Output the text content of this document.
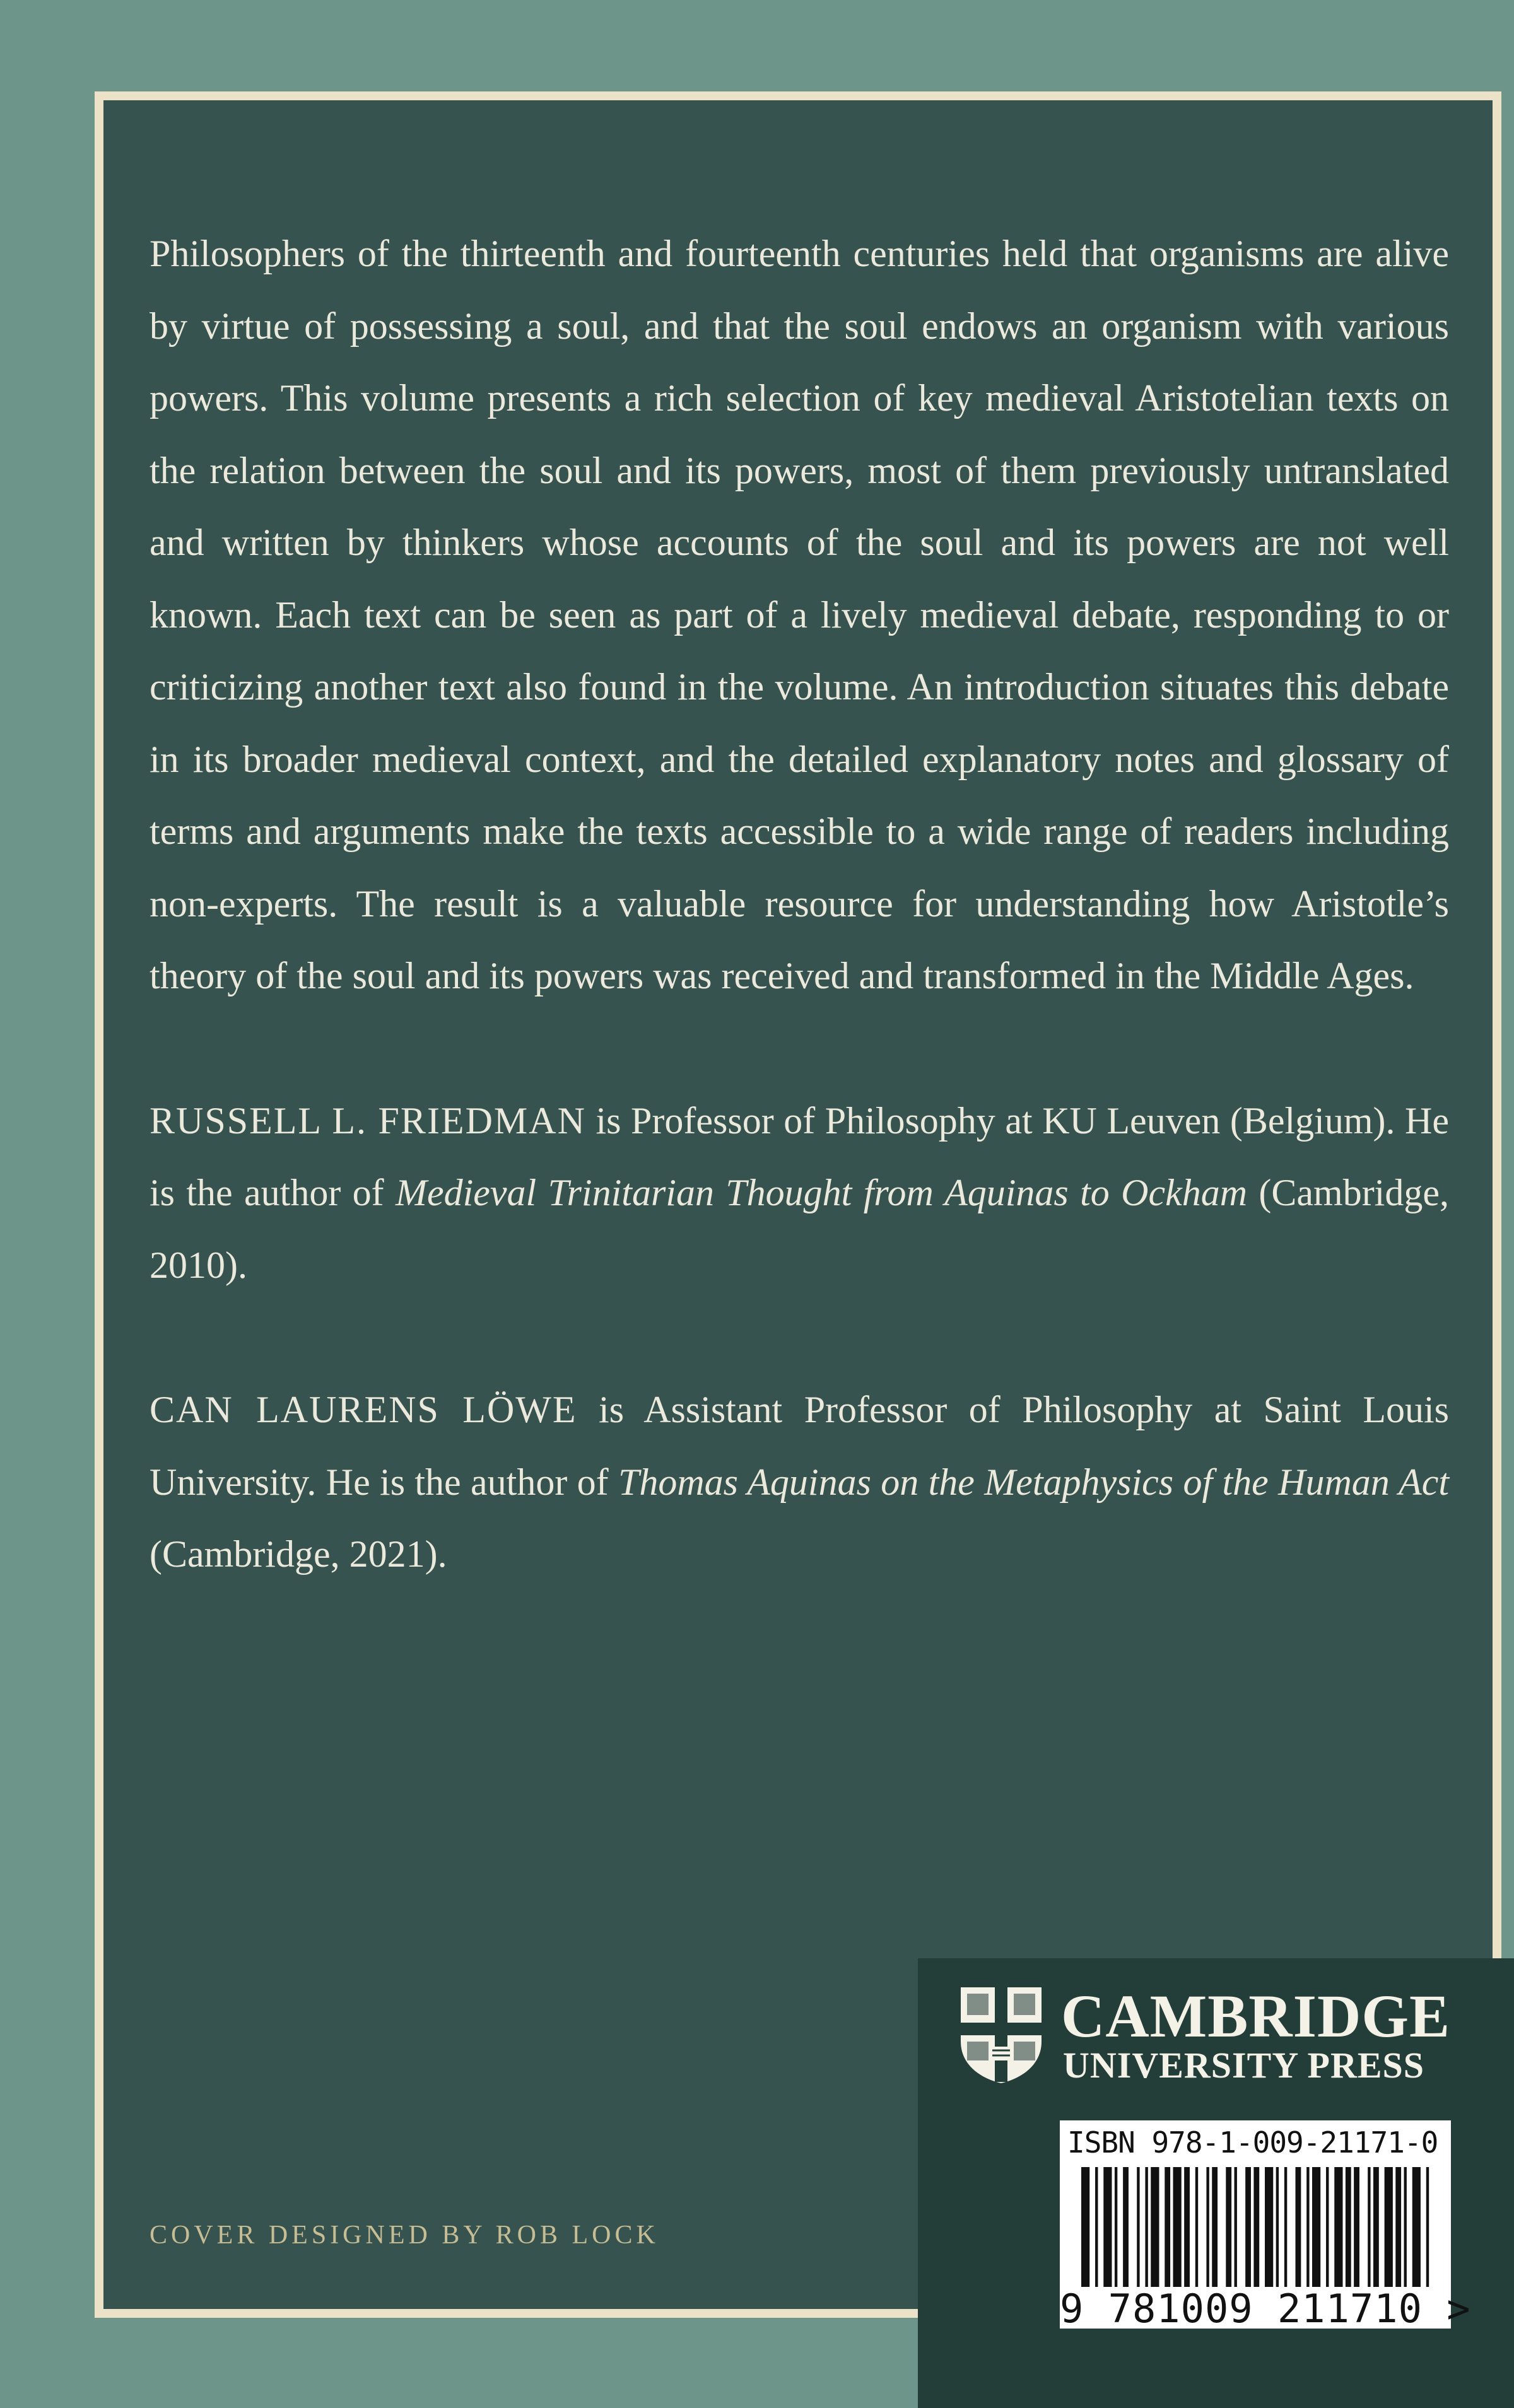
Philosophers of the thirteenth and fourteenth centuries held that organisms are alive by virtue of possessing a soul, and that the soul endows an organism with various powers. This volume presents a rich selection of key medieval Aristotelian texts on the relation between the soul and its powers, most of them previously untranslated and written by thinkers whose accounts of the soul and its powers are not well known. Each text can be seen as part of a lively medieval debate, responding to or criticizing another text also found in the volume. An introduction situates this debate in its broader medieval context, and the detailed explanatory notes and glossary of terms and arguments make the texts accessible to a wide range of readers including non-experts. The result is a valuable resource for understanding how Aristotle’s theory of the soul and its powers was received and transformed in the Middle Ages.

RUSSELL L. FRIEDMAN is Professor of Philosophy at KU Leuven (Belgium). He is the author of Medieval Trinitarian Thought from Aquinas to Ockham (Cambridge, 2010).

CAN LAURENS LÖWE is Assistant Professor of Philosophy at Saint Louis University. He is the author of Thomas Aquinas on the Metaphysics of the Human Act (Cambridge, 2021).

COVER DESIGNED BY ROB LOCK
CAMBRIDGE
UNIVERSITY PRESS
ISBN 978-1-009-21171-0
9 781009 211710 >
